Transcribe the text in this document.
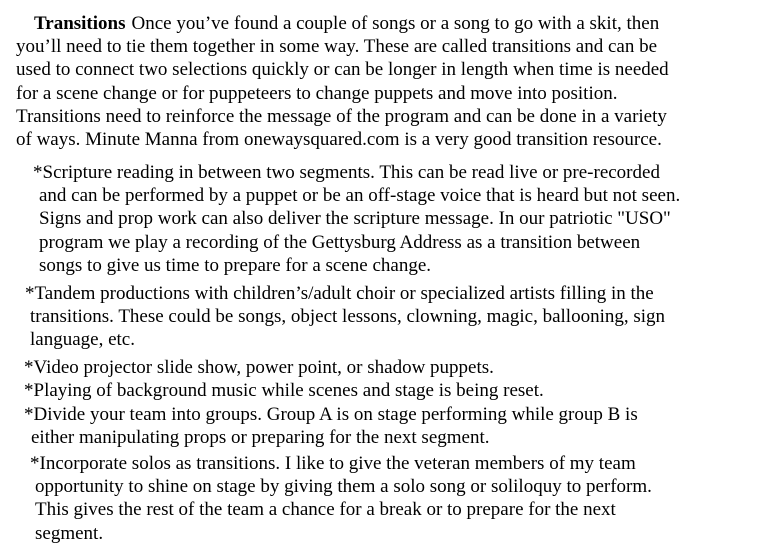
Transitions Once you’ve found a couple of songs or a song to go with a skit, then
you’ll need to tie them together in some way. These are called transitions and can be
used to connect two selections quickly or can be longer in length when time is needed
for a scene change or for puppeteers to change puppets and move into position.
Transitions need to reinforce the message of the program and can be done in a variety
of ways. Minute Manna from onewaysquared.com is a very good transition resource.

*Scripture reading in between two segments. This can be read live or pre-recorded
and can be performed by a puppet or be an off-stage voice that is heard but not seen.
Signs and prop work can also deliver the scripture message. In our patriotic "USO"
program we play a recording of the Gettysburg Address as a transition between
songs to give us time to prepare for a scene change.

*Tandem productions with children’s/adult choir or specialized artists filling in the
transitions. These could be songs, object lessons, clowning, magic, ballooning, sign
language, etc.

*Video projector slide show, power point, or shadow puppets.

*Playing of background music while scenes and stage is being reset.

*Divide your team into groups. Group A is on stage performing while group B is
either manipulating props or preparing for the next segment.

*Incorporate solos as transitions. I like to give the veteran members of my team
opportunity to shine on stage by giving them a solo song or soliloquy to perform.
This gives the rest of the team a chance for a break or to prepare for the next
segment.
